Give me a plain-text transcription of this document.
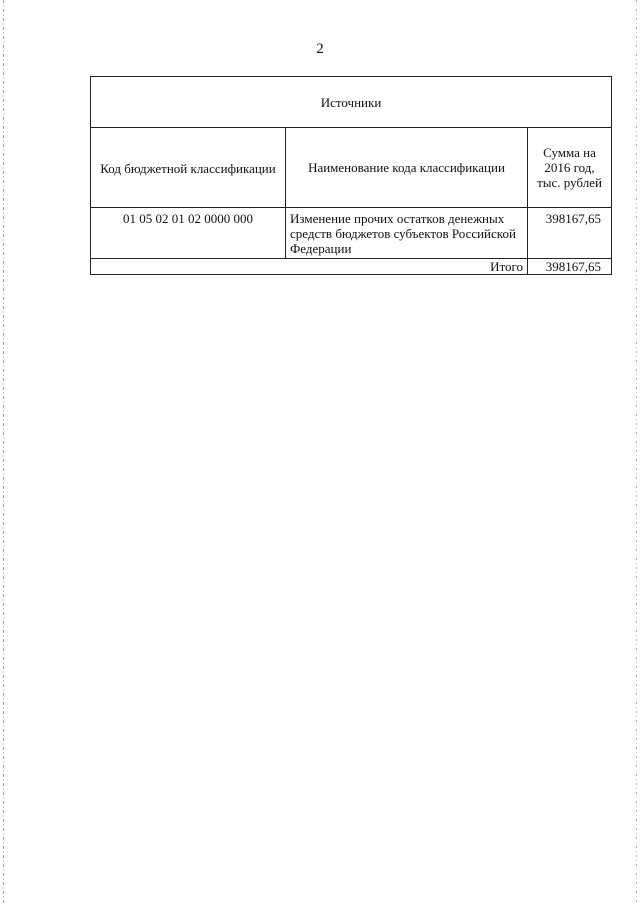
2
Источники		
Код бюджетной классификации	Наименование кода классификации	Сумма на 2016 год, тыс. рублей
01 05 02 01 02 0000 000	Изменение прочих остатков денежных средств бюджетов субъектов Российской Федерации	398167,65
Итого		398167,65
